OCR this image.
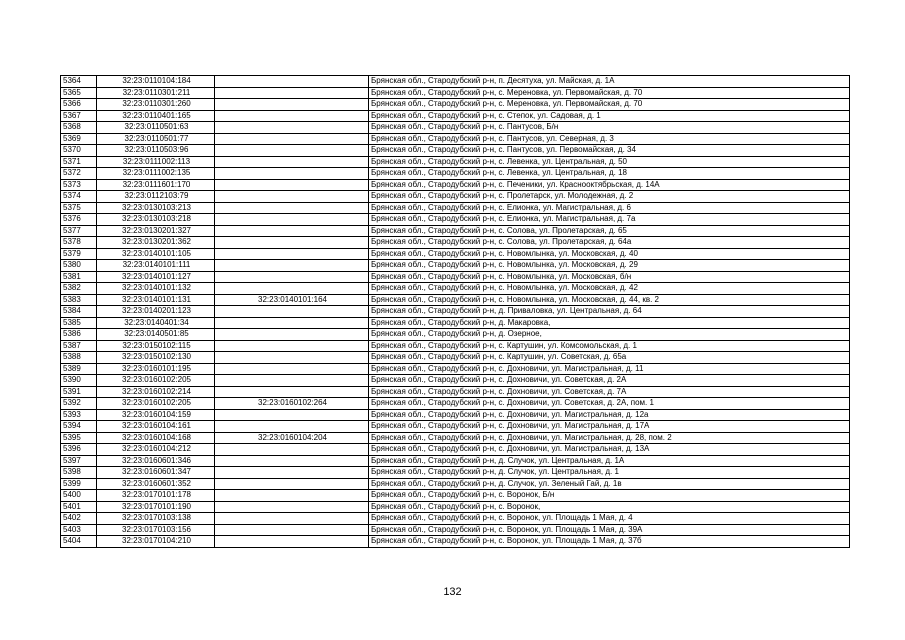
5364	32:23:0110104:184		Брянская обл., Стародубский р-н, п. Десятуха, ул. Майская, д. 1А
5365	32:23:0110301:211		Брянская обл., Стародубский р-н, с. Мереновка, ул. Первомайская, д. 70
5366	32:23:0110301:260		Брянская обл., Стародубский р-н, с. Мереновка, ул. Первомайская, д. 70
5367	32:23:0110401:165		Брянская обл., Стародубский р-н, с. Степок, ул. Садовая, д. 1
5368	32:23:0110501:63		Брянская обл., Стародубский р-н, с. Пантусов, Б/н
5369	32:23:0110501:77		Брянская обл., Стародубский р-н, с. Пантусов, ул. Северная, д. 3
5370	32:23:0110503:96		Брянская обл., Стародубский р-н, с. Пантусов, ул. Первомайская, д. 34
5371	32:23:0111002:113		Брянская обл., Стародубский р-н, с. Левенка, ул. Центральная, д. 50
5372	32:23:0111002:135		Брянская обл., Стародубский р-н, с. Левенка, ул. Центральная, д. 18
5373	32:23:0111601:170		Брянская обл., Стародубский р-н, с. Печеники, ул. Краснооктябрьская, д. 14А
5374	32:23:0112103:79		Брянская обл., Стародубский р-н, с. Пролетарск, ул. Молодежная, д. 2
5375	32:23:0130103:213		Брянская обл., Стародубский р-н, с. Елионка, ул. Магистральная, д. 6
5376	32:23:0130103:218		Брянская обл., Стародубский р-н, с. Елионка, ул. Магистральная, д. 7а
5377	32:23:0130201:327		Брянская обл., Стародубский р-н, с. Солова, ул. Пролетарская, д. 65
5378	32:23:0130201:362		Брянская обл., Стародубский р-н, с. Солова, ул. Пролетарская, д. 64а
5379	32:23:0140101:105		Брянская обл., Стародубский р-н, с. Новомлынка, ул. Московская, д. 40
5380	32:23:0140101:111		Брянская обл., Стародубский р-н, с. Новомлынка, ул. Московская, д. 29
5381	32:23:0140101:127		Брянская обл., Стародубский р-н, с. Новомлынка, ул. Московская, б/н
5382	32:23:0140101:132		Брянская обл., Стародубский р-н, с. Новомлынка, ул. Московская, д. 42
5383	32:23:0140101:131	32:23:0140101:164	Брянская обл., Стародубский р-н, с. Новомлынка, ул. Московская, д. 44, кв. 2
5384	32:23:0140201:123		Брянская обл., Стародубский р-н, д. Приваловка, ул. Центральная, д. 64
5385	32:23:0140401:34		Брянская обл., Стародубский р-н, д. Макаровка,
5386	32:23:0140501:85		Брянская обл., Стародубский р-н, д. Озерное,
5387	32:23:0150102:115		Брянская обл., Стародубский р-н, с. Картушин, ул. Комсомольская, д. 1
5388	32:23:0150102:130		Брянская обл., Стародубский р-н, с. Картушин, ул. Советская, д. 65а
5389	32:23:0160101:195		Брянская обл., Стародубский р-н, с. Дохновичи, ул. Магистральная, д. 11
5390	32:23:0160102:205		Брянская обл., Стародубский р-н, с. Дохновичи, ул. Советская, д. 2А
5391	32:23:0160102:214		Брянская обл., Стародубский р-н, с. Дохновичи, ул. Советская, д. 7А
5392	32:23:0160102:205	32:23:0160102:264	Брянская обл., Стародубский р-н, с. Дохновичи, ул. Советская, д. 2А, пом. 1
5393	32:23:0160104:159		Брянская обл., Стародубский р-н, с. Дохновичи, ул. Магистральная, д. 12а
5394	32:23:0160104:161		Брянская обл., Стародубский р-н, с. Дохновичи, ул. Магистральная, д. 17А
5395	32:23:0160104:168	32:23:0160104:204	Брянская обл., Стародубский р-н, с. Дохновичи, ул. Магистральная, д. 28, пом. 2
5396	32:23:0160104:212		Брянская обл., Стародубский р-н, с. Дохновичи, ул. Магистральная, д. 13А
5397	32:23:0160601:346		Брянская обл., Стародубский р-н, д. Случок, ул. Центральная, д. 1А
5398	32:23:0160601:347		Брянская обл., Стародубский р-н, д. Случок, ул. Центральная, д. 1
5399	32:23:0160601:352		Брянская обл., Стародубский р-н, д. Случок, ул. Зеленый Гай, д. 1в
5400	32:23:0170101:178		Брянская обл., Стародубский р-н, с. Воронок, Б/н
5401	32:23:0170101:190		Брянская обл., Стародубский р-н, с. Воронок,
5402	32:23:0170103:138		Брянская обл., Стародубский р-н, с. Воронок, ул. Площадь 1 Мая, д. 4
5403	32:23:0170103:156		Брянская обл., Стародубский р-н, с. Воронок, ул. Площадь 1 Мая, д. 39А
5404	32:23:0170104:210		Брянская обл., Стародубский р-н, с. Воронок, ул. Площадь 1 Мая, д. 37б
132
